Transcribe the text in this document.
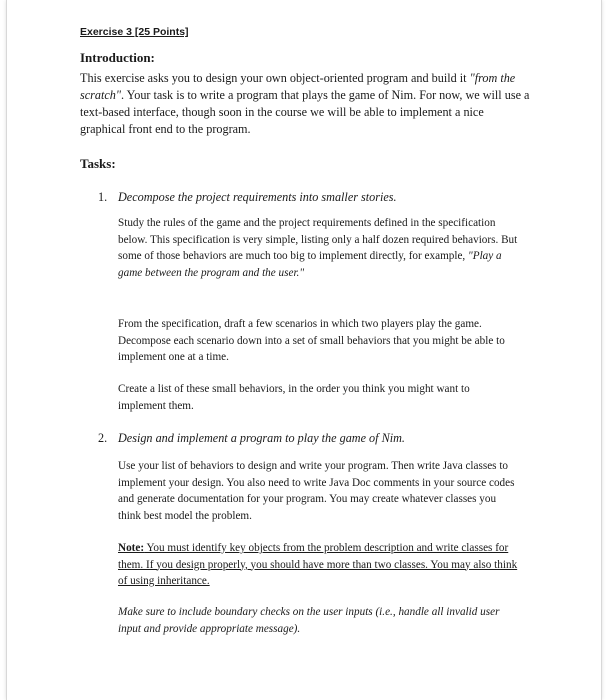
Exercise 3 [25 Points]
Introduction:

This exercise asks you to design your own object-oriented program and build it "from the scratch". Your task is to write a program that plays the game of Nim. For now, we will use a text-based interface, though soon in the course we will be able to implement a nice graphical front end to the program.

Tasks:
1. Decompose the project requirements into smaller stories.

Study the rules of the game and the project requirements defined in the specification below. This specification is very simple, listing only a half dozen required behaviors. But some of those behaviors are much too big to implement directly, for example, "Play a game between the program and the user."

From the specification, draft a few scenarios in which two players play the game. Decompose each scenario down into a set of small behaviors that you might be able to implement one at a time.

Create a list of these small behaviors, in the order you think you might want to implement them.

2. Design and implement a program to play the game of Nim.

Use your list of behaviors to design and write your program. Then write Java classes to implement your design. You also need to write Java Doc comments in your source codes and generate documentation for your program. You may create whatever classes you think best model the problem.

Note: You must identify key objects from the problem description and write classes for them. If you design properly, you should have more than two classes. You may also think of using inheritance.

Make sure to include boundary checks on the user inputs (i.e., handle all invalid user input and provide appropriate message).
